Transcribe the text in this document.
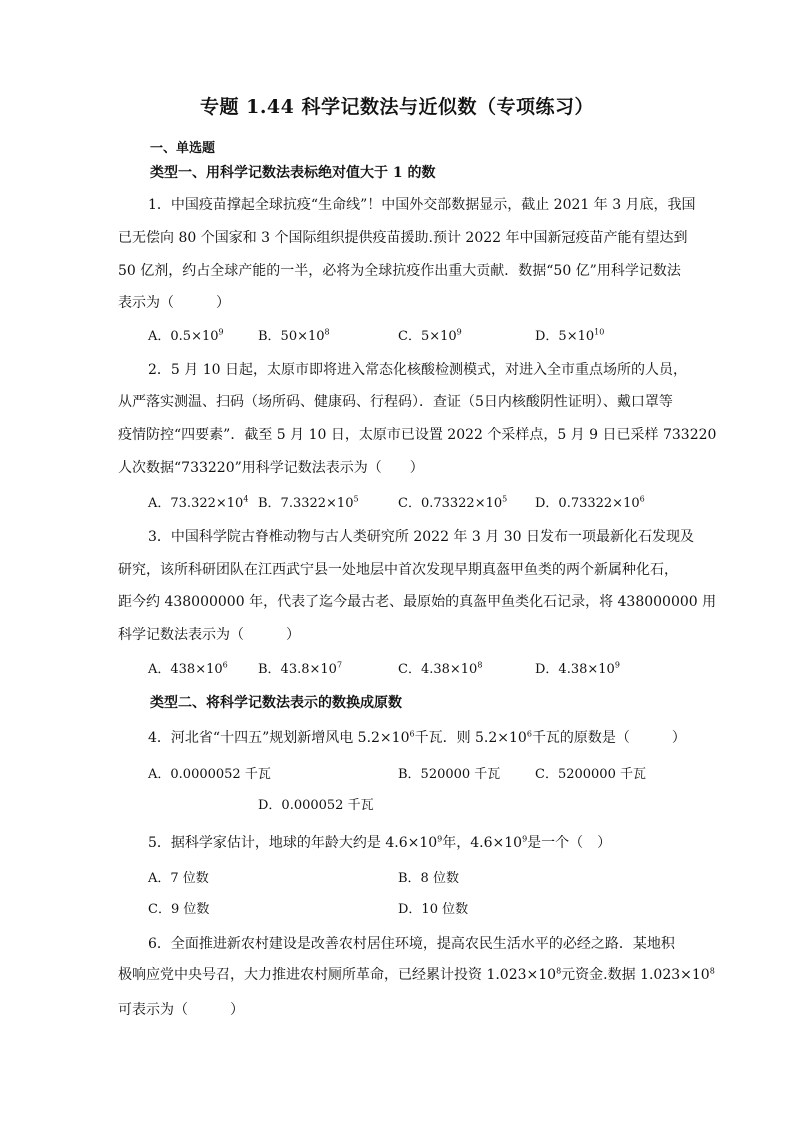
专题 1.44 科学记数法与近似数（专项练习）
一、单选题
类型一、用科学记数法表标绝对值大于 1 的数
1．中国疫苗撑起全球抗疫“生命线”！中国外交部数据显示，截止 2021 年 3 月底，我国
已无偿向 80 个国家和 3 个国际组织提供疫苗援助.预计 2022 年中国新冠疫苗产能有望达到
50 亿剂，约占全球产能的一半，必将为全球抗疫作出重大贡献．数据“50 亿”用科学记数法
表示为（　　　）
A．$0.5\times 10^9$	B．$50\times 10^8$	C．$5\times 10^9$	D．$5\times 10^{10}$
2．5 月 10 日起，太原市即将进入常态化核酸检测模式，对进入全市重点场所的人员，
从严落实测温、扫码（场所码、健康码、行程码）．查证（5日内核酸阴性证明）、戴口罩等
疫情防控“四要素”．截至 5 月 10 日，太原市已设置 2022 个采样点，5 月 9 日已采样 733220
人次数据“733220”用科学记数法表示为（　　）
A．$73.322\times 10^4$ B．$7.3322\times 10^5$	C．$0.73322\times 10^5$ D．$0.73322\times 10^6$
3．中国科学院古脊椎动物与古人类研究所 2022 年 3 月 30 日发布一项最新化石发现及
研究，该所科研团队在江西武宁县一处地层中首次发现早期真盔甲鱼类的两个新属种化石，
距今约 438000000 年，代表了迄今最古老、最原始的真盔甲鱼类化石记录，将 438000000 用
科学记数法表示为（　　　）
A．$438\times 10^6$ B．$43.8\times 10^7$	C．$4.38\times 10^8$	D．$4.38\times 10^9$
类型二、将科学记数法表示的数换成原数
4．河北省“十四五”规划新增风电 $5.2\times 10^6$千瓦．则 $5.2\times 10^6$千瓦的原数是（　　　）
A．0.0000052 千瓦	B．520000 千瓦	C．5200000 千瓦
D．0.000052 千瓦
5．据科学家估计，地球的年龄大约是 $4.6\times 10^9$年，$4.6\times 10^9$是一个（　）
A．7 位数	B．8 位数
C．9 位数	D．10 位数
6．全面推进新农村建设是改善农村居住环境，提高农民生活水平的必经之路．某地积
极响应党中央号召，大力推进农村厕所革命，已经累计投资 $1.023\times 10^8$元资金.数据 $1.023\times 10^8$
可表示为（　　　）
